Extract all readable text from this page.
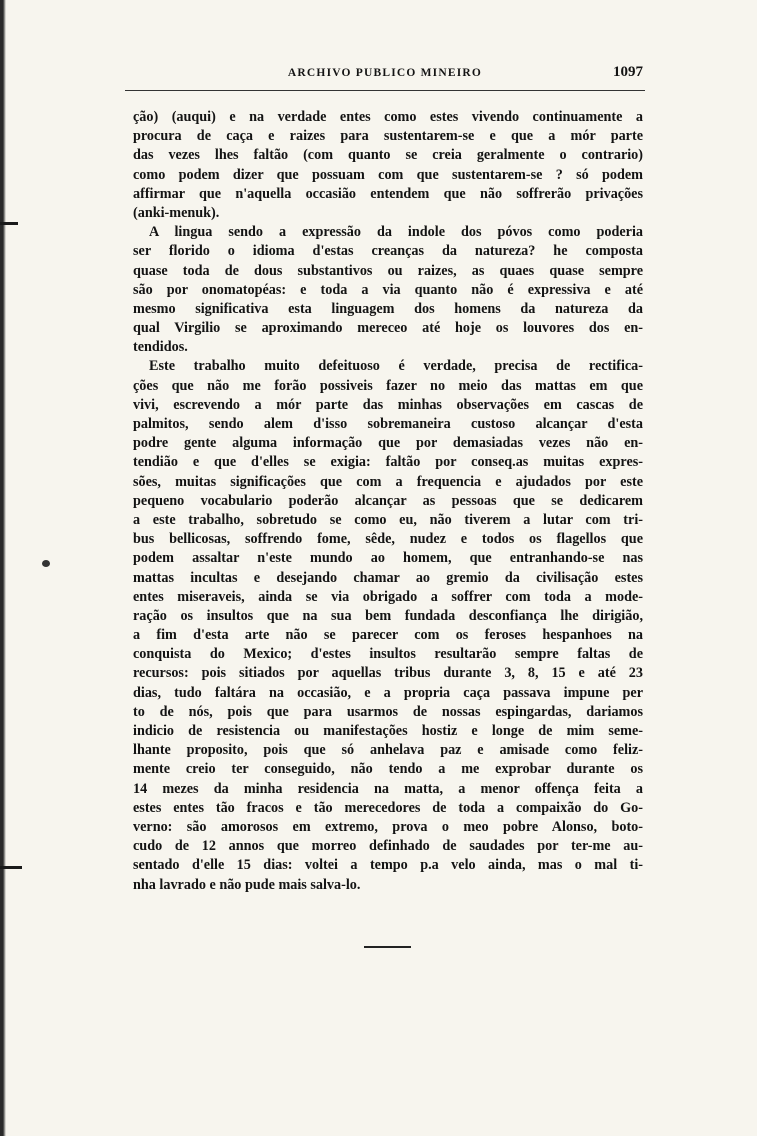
ARCHIVO PUBLICO MINEIRO	1097
ção) (auqui) e na verdade entes como estes vivendo continuamente a
procura de caça e raizes para sustentarem-se e que a mór parte
das vezes lhes faltão (com quanto se creia geralmente o contrario)
como podem dizer que possuam com que sustentarem-se ? só podem
affirmar que n'aquella occasião entendem que não soffrerão privações
(anki-menuk).
A lingua sendo a expressão da indole dos póvos como poderia
ser florido o idioma d'estas creanças da natureza? he composta
quase toda de dous substantivos ou raizes, as quaes quase sempre
são por onomatopéas: e toda a via quanto não é expressiva e até
mesmo significativa esta linguagem dos homens da natureza da
qual Virgilio se aproximando mereceo até hoje os louvores dos en-
tendidos.
Este trabalho muito defeituoso é verdade, precisa de rectifica-
ções que não me forão possiveis fazer no meio das mattas em que
vivi, escrevendo a mór parte das minhas observações em cascas de
palmitos, sendo alem d'isso sobremaneira custoso alcançar d'esta
podre gente alguma informação que por demasiadas vezes não en-
tendião e que d'elles se exigia: faltão por conseq.as muitas expres-
sões, muitas significações que com a frequencia e ajudados por este
pequeno vocabulario poderão alcançar as pessoas que se dedicarem
a este trabalho, sobretudo se como eu, não tiverem a lutar com tri-
bus bellicosas, soffrendo fome, sêde, nudez e todos os flagellos que
podem assaltar n'este mundo ao homem, que entranhando-se nas
mattas incultas e desejando chamar ao gremio da civilisação estes
entes miseraveis, ainda se via obrigado a soffrer com toda a mode-
ração os insultos que na sua bem fundada desconfiança lhe dirigião,
a fim d'esta arte não se parecer com os feroses hespanhoes na
conquista do Mexico; d'estes insultos resultarão sempre faltas de
recursos: pois sitiados por aquellas tribus durante 3, 8, 15 e até 23
dias, tudo faltára na occasião, e a propria caça passava impune per
to de nós, pois que para usarmos de nossas espingardas, dariamos
indicio de resistencia ou manifestações hostiz e longe de mim seme-
lhante proposito, pois que só anhelava paz e amisade como feliz-
mente creio ter conseguido, não tendo a me exprobar durante os
14 mezes da minha residencia na matta, a menor offença feita a
estes entes tão fracos e tão merecedores de toda a compaixão do Go-
verno: são amorosos em extremo, prova o meo pobre Alonso, boto-
cudo de 12 annos que morreo definhado de saudades por ter-me au-
sentado d'elle 15 dias: voltei a tempo p.a velo ainda, mas o mal ti-
nha lavrado e não pude mais salva-lo.
